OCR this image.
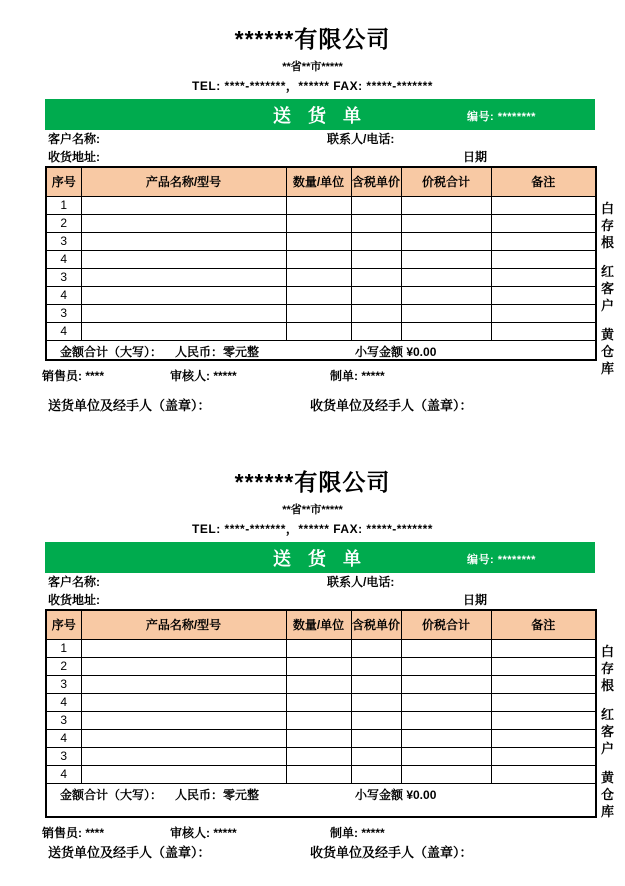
******有限公司
**省**市*****
TEL: ****-*******，****** FAX: *****-*******
送 货 单	编号: ********
客户名称:	联系人/电话:
收货地址:	日期
序号	产品名称/型号	数量/单位	含税单价	价税合计	备注
1					
2					
3					
4					
3					
4					
3					
4					

金额合计（大写）： 人民币：零元整 小写金额 ¥0.00					
白存根
红客户
黄仓库
销售员: ****	审核人: *****	制单: *****
送货单位及经手人（盖章）：	收货单位及经手人（盖章）：
******有限公司
**省**市*****
TEL: ****-*******，****** FAX: *****-*******
送 货 单	编号: ********
客户名称:	联系人/电话:
收货地址:	日期
序号	产品名称/型号	数量/单位	含税单价	价税合计	备注
1					
2					
3					
4					
3					
4					
3					
4					

金额合计（大写）： 人民币：零元整 小写金额 ¥0.00					
白存根
红客户
黄仓库
销售员: ****	审核人: *****	制单: *****
送货单位及经手人（盖章）：	收货单位及经手人（盖章）：
